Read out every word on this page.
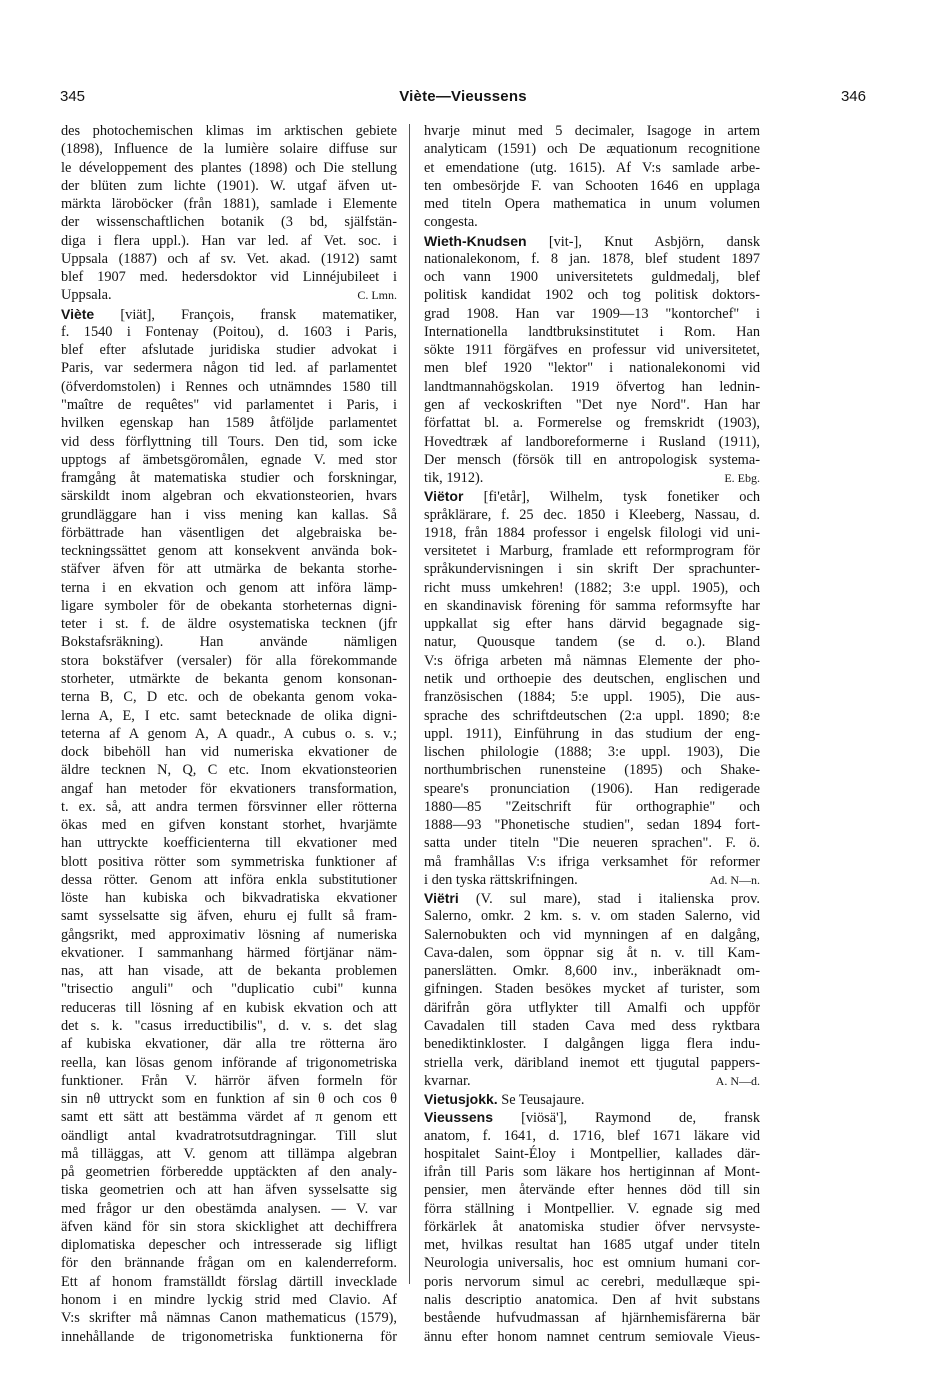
345	Viète—Vieussens	346
des photochemischen klimas im arktischen gebiete
(1898), Influence de la lumière solaire diffuse sur
le développement des plantes (1898) och Die stellung
der blüten zum lichte (1901). W. utgaf äfven ut-
märkta läroböcker (från 1881), samlade i Elemente
der wissenschaftlichen botanik (3 bd, själfstän-
diga i flera uppl.). Han var led. af Vet. soc. i
Uppsala (1887) och af sv. Vet. akad. (1912) samt
blef 1907 med. hedersdoktor vid Linnéjubileet i
Uppsala.	C. Lmn.
Viète [viät], François, fransk matematiker,
f. 1540 i Fontenay (Poitou), d. 1603 i Paris,
blef efter afslutade juridiska studier advokat i
Paris, var sedermera någon tid led. af parlamentet
(öfverdomstolen) i Rennes och utnämndes 1580 till
"maître de requêtes" vid parlamentet i Paris, i
hvilken egenskap han 1589 åtföljde parlamentet
vid dess förflyttning till Tours. Den tid, som icke
upptogs af ämbetsgöromålen, egnade V. med stor
framgång åt matematiska studier och forskningar,
särskildt inom algebran och ekvationsteorien, hvars
grundläggare han i viss mening kan kallas. Så
förbättrade han väsentligen det algebraiska be-
teckningssättet genom att konsekvent använda bok-
stäfver äfven för att utmärka de bekanta storhe-
terna i en ekvation och genom att införa lämp-
ligare symboler för de obekanta storheternas digni-
teter i st. f. de äldre osystematiska tecknen (jfr
Bokstafsräkning). Han använde nämligen
stora bokstäfver (versaler) för alla förekommande
storheter, utmärkte de bekanta genom konsonan-
terna B, C, D etc. och de obekanta genom voka-
lerna A, E, I etc. samt betecknade de olika digni-
teterna af A genom A, A quadr., A cubus o. s. v.;
dock bibehöll han vid numeriska ekvationer de
äldre tecknen N, Q, C etc. Inom ekvationsteorien
angaf han metoder för ekvationers transformation,
t. ex. så, att andra termen försvinner eller rötterna
ökas med en gifven konstant storhet, hvarjämte
han uttryckte koefficienterna till ekvationer med
blott positiva rötter som symmetriska funktioner af
dessa rötter. Genom att införa enkla substitutioner
löste han kubiska och bikvadratiska ekvationer
samt sysselsatte sig äfven, ehuru ej fullt så fram-
gångsrikt, med approximativ lösning af numeriska
ekvationer. I sammanhang härmed förtjänar näm-
nas, att han visade, att de bekanta problemen
"trisectio anguli" och "duplicatio cubi" kunna
reduceras till lösning af en kubisk ekvation och att
det s. k. "casus irreductibilis", d. v. s. det slag
af kubiska ekvationer, där alla tre rötterna äro
reella, kan lösas genom införande af trigonometriska
funktioner. Från V. härrör äfven formeln för
sin nθ uttryckt som en funktion af sin θ och cos θ
samt ett sätt att bestämma värdet af π genom ett
oändligt antal kvadratrotsutdragningar. Till slut
må tilläggas, att V. genom att tillämpa algebran
på geometrien förberedde upptäckten af den analy-
tiska geometrien och att han äfven sysselsatte sig
med frågor ur den obestämda analysen. — V. var
äfven känd för sin stora skicklighet att dechiffrera
diplomatiska depescher och intresserade sig lifligt
för den brännande frågan om en kalenderreform.
Ett af honom framställdt förslag därtill invecklade
honom i en mindre lyckig strid med Clavio. Af
V:s skrifter må nämnas Canon mathematicus (1579),
innehållande de trigonometriska funktionerna för
hvarje minut med 5 decimaler, Isagoge in artem
analyticam (1591) och De æquationum recognitione
et emendatione (utg. 1615). Af V:s samlade arbe-
ten ombesörjde F. van Schooten 1646 en upplaga
med titeln Opera mathematica in unum volumen
congesta.
Wieth-Knudsen [vit-], Knut Asbjörn, dansk
nationalekonom, f. 8 jan. 1878, blef student 1897
och vann 1900 universitetets guldmedalj, blef
politisk kandidat 1902 och tog politisk doktors-
grad 1908. Han var 1909—13 "kontorchef" i
Internationella landtbruksinstitutet i Rom. Han
sökte 1911 förgäfves en professur vid universitetet,
men blef 1920 "lektor" i nationalekonomi vid
landtmannahögskolan. 1919 öfvertog han lednin-
gen af veckoskriften "Det nye Nord". Han har
författat bl. a. Formerelse og fremskridt (1903),
Hovedtræk af landboreformerne i Rusland (1911),
Der mensch (försök till en antropologisk systema-
tik, 1912).	E. Ebg.
Viëtor [fi'etår], Wilhelm, tysk fonetiker och
språklärare, f. 25 dec. 1850 i Kleeberg, Nassau, d.
1918, från 1884 professor i engelsk filologi vid uni-
versitetet i Marburg, framlade ett reformprogram för
språkundervisningen i sin skrift Der sprachunter-
richt muss umkehren! (1882; 3:e uppl. 1905), och
en skandinavisk förening för samma reformsyfte har
uppkallat sig efter hans därvid begagnade sig-
natur, Quousque tandem (se d. o.). Bland
V:s öfriga arbeten må nämnas Elemente der pho-
netik und orthoepie des deutschen, englischen und
französischen (1884; 5:e uppl. 1905), Die aus-
sprache des schriftdeutschen (2:a uppl. 1890; 8:e
uppl. 1911), Einführung in das studium der eng-
lischen philologie (1888; 3:e uppl. 1903), Die
northumbrischen runensteine (1895) och Shake-
speare's pronunciation (1906). Han redigerade
1880—85 "Zeitschrift für orthographie" och
1888—93 "Phonetische studien", sedan 1894 fort-
satta under titeln "Die neueren sprachen". F. ö.
må framhållas V:s ifriga verksamhet för reformer
i den tyska rättskrifningen.	Ad. N—n.
Viëtri (V. sul mare), stad i italienska prov.
Salerno, omkr. 2 km. s. v. om staden Salerno, vid
Salernobukten och vid mynningen af en dalgång,
Cava-dalen, som öppnar sig åt n. v. till Kam-
panerslätten. Omkr. 8,600 inv., inberäknadt om-
gifningen. Staden besökes mycket af turister, som
därifrån göra utflykter till Amalfi och uppför
Cavadalen till staden Cava med dess ryktbara
benediktinkloster. I dalgången ligga flera indu-
striella verk, däribland inemot ett tjugutal pappers-
kvarnar.	A. N—d.
Vietusjokk. Se Teusajaure.
Vieussens [viösä'], Raymond de, fransk
anatom, f. 1641, d. 1716, blef 1671 läkare vid
hospitalet Saint-Éloy i Montpellier, kallades där-
ifrån till Paris som läkare hos hertiginnan af Mont-
pensier, men återvände efter hennes död till sin
förra ställning i Montpellier. V. egnade sig med
förkärlek åt anatomiska studier öfver nervsyste-
met, hvilkas resultat han 1685 utgaf under titeln
Neurologia universalis, hoc est omnium humani cor-
poris nervorum simul ac cerebri, medullæque spi-
nalis descriptio anatomica. Den af hvit substans
bestående hufvudmassan af hjärnhemisfärerna bär
ännu efter honom namnet centrum semiovale Vieus-
